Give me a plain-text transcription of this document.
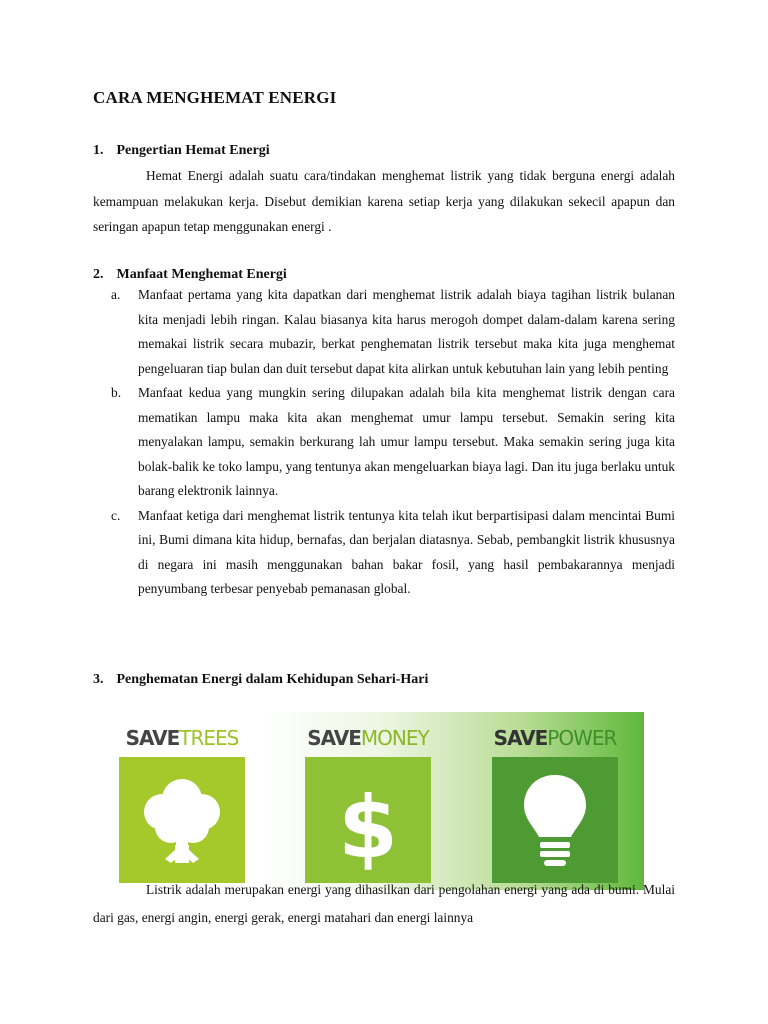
CARA MENGHEMAT ENERGI
1. Pengertian Hemat Energi

Hemat Energi adalah suatu cara/tindakan menghemat listrik yang tidak berguna energi adalah kemampuan melakukan kerja. Disebut demikian karena setiap kerja yang dilakukan sekecil apapun dan seringan apapun tetap menggunakan energi .

2. Manfaat Menghemat Energi
a. Manfaat pertama yang kita dapatkan dari menghemat listrik adalah biaya tagihan listrik bulanan kita menjadi lebih ringan. Kalau biasanya kita harus merogoh dompet dalam-dalam karena sering memakai listrik secara mubazir, berkat penghematan listrik tersebut maka kita juga menghemat pengeluaran tiap bulan dan duit tersebut dapat kita alirkan untuk kebutuhan lain yang lebih penting
b. Manfaat kedua yang mungkin sering dilupakan adalah bila kita menghemat listrik dengan cara mematikan lampu maka kita akan menghemat umur lampu tersebut. Semakin sering kita menyalakan lampu, semakin berkurang lah umur lampu tersebut. Maka semakin sering juga kita bolak-balik ke toko lampu, yang tentunya akan mengeluarkan biaya lagi. Dan itu juga berlaku untuk barang elektronik lainnya.
c. Manfaat ketiga dari menghemat listrik tentunya kita telah ikut berpartisipasi dalam mencintai Bumi ini, Bumi dimana kita hidup, bernafas, dan berjalan diatasnya. Sebab, pembangkit listrik khususnya di negara ini masih menggunakan bahan bakar fosil, yang hasil pembakarannya menjadi penyumbang terbesar penyebab pemanasan global.
3. Penghematan Energi dalam Kehidupan Sehari-Hari
SAVETREES	SAVEMONEY
$
SAVEPOWER

Listrik adalah merupakan energi yang dihasilkan dari pengolahan energi yang ada di bumi. Mulai dari gas, energi angin, energi gerak, energi matahari dan energi lainnya
